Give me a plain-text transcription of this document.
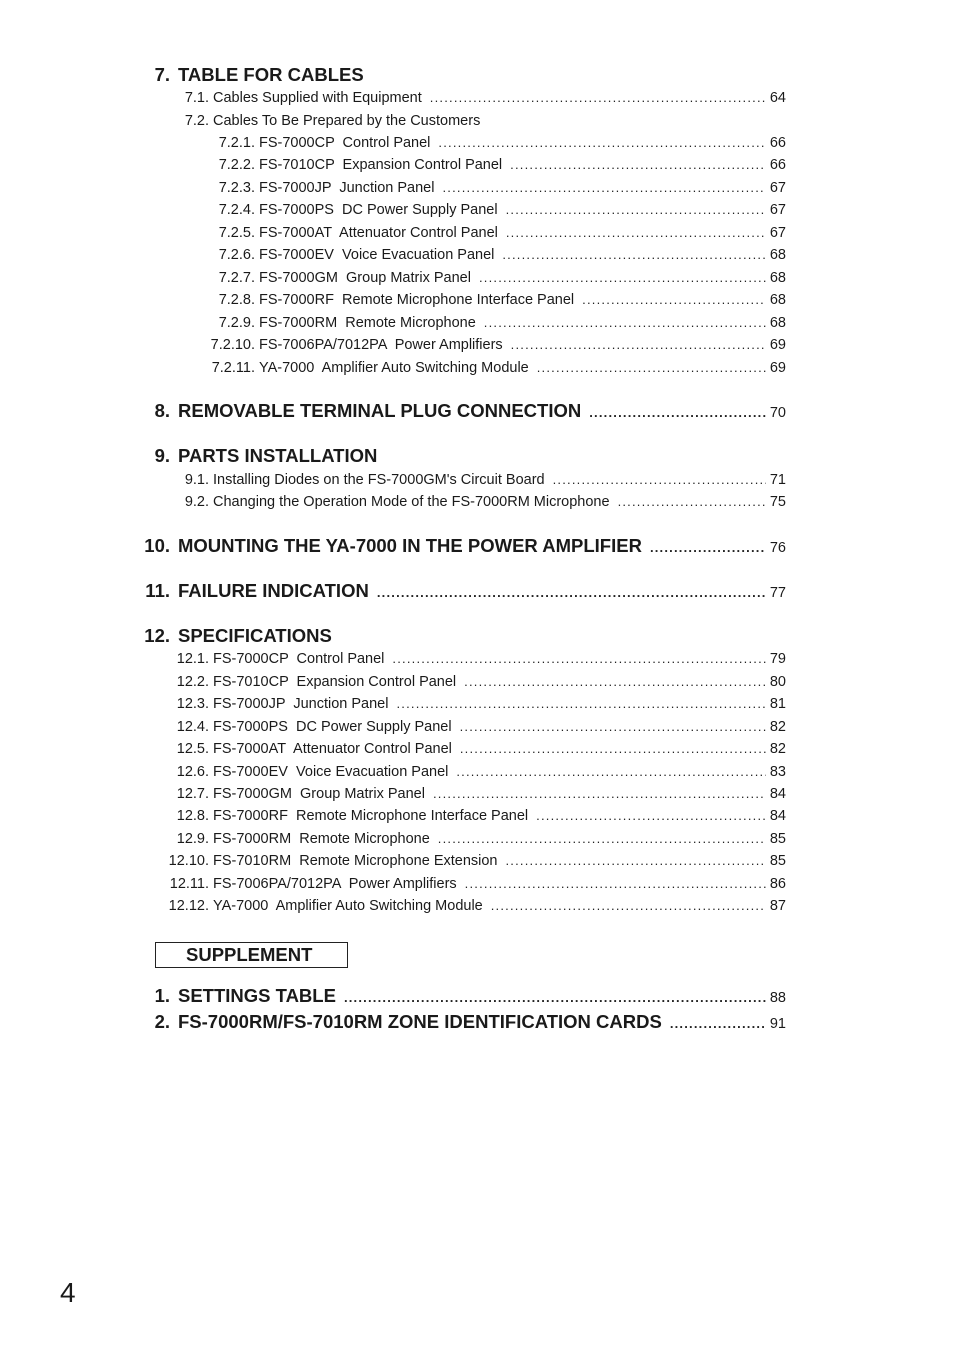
7. TABLE FOR CABLES
7.1. Cables Supplied with Equipment .....	64
7.2. Cables To Be Prepared by the Customers
7.2.1. FS-7000CP  Control Panel .....	66
7.2.2. FS-7010CP  Expansion Control Panel .....	66
7.2.3. FS-7000JP  Junction Panel .....	67
7.2.4. FS-7000PS  DC Power Supply Panel .....	67
7.2.5. FS-7000AT  Attenuator Control Panel .....	67
7.2.6. FS-7000EV  Voice Evacuation Panel .....	68
7.2.7. FS-7000GM  Group Matrix Panel .....	68
7.2.8. FS-7000RF  Remote Microphone Interface Panel .....	68
7.2.9. FS-7000RM  Remote Microphone .....	68
7.2.10. FS-7006PA/7012PA  Power Amplifiers .....	69
7.2.11. YA-7000  Amplifier Auto Switching Module .....	69
8. REMOVABLE TERMINAL PLUG CONNECTION .....	70
9. PARTS INSTALLATION
9.1. Installing Diodes on the FS-7000GM's Circuit Board .....	71
9.2. Changing the Operation Mode of the FS-7000RM Microphone .....	75
10. MOUNTING THE YA-7000 IN THE POWER AMPLIFIER .....	76
11. FAILURE INDICATION .....	77
12. SPECIFICATIONS
12.1. FS-7000CP  Control Panel .....	79
12.2. FS-7010CP  Expansion Control Panel .....	80
12.3. FS-7000JP  Junction Panel .....	81
12.4. FS-7000PS  DC Power Supply Panel .....	82
12.5. FS-7000AT  Attenuator Control Panel .....	82
12.6. FS-7000EV  Voice Evacuation Panel .....	83
12.7. FS-7000GM  Group Matrix Panel .....	84
12.8. FS-7000RF  Remote Microphone Interface Panel .....	84
12.9. FS-7000RM  Remote Microphone .....	85
12.10. FS-7010RM  Remote Microphone Extension .....	85
12.11. FS-7006PA/7012PA  Power Amplifiers .....	86
12.12. YA-7000  Amplifier Auto Switching Module .....	87
SUPPLEMENT
1. SETTINGS TABLE .....	88
2. FS-7000RM/FS-7010RM ZONE IDENTIFICATION CARDS .....	91
4
